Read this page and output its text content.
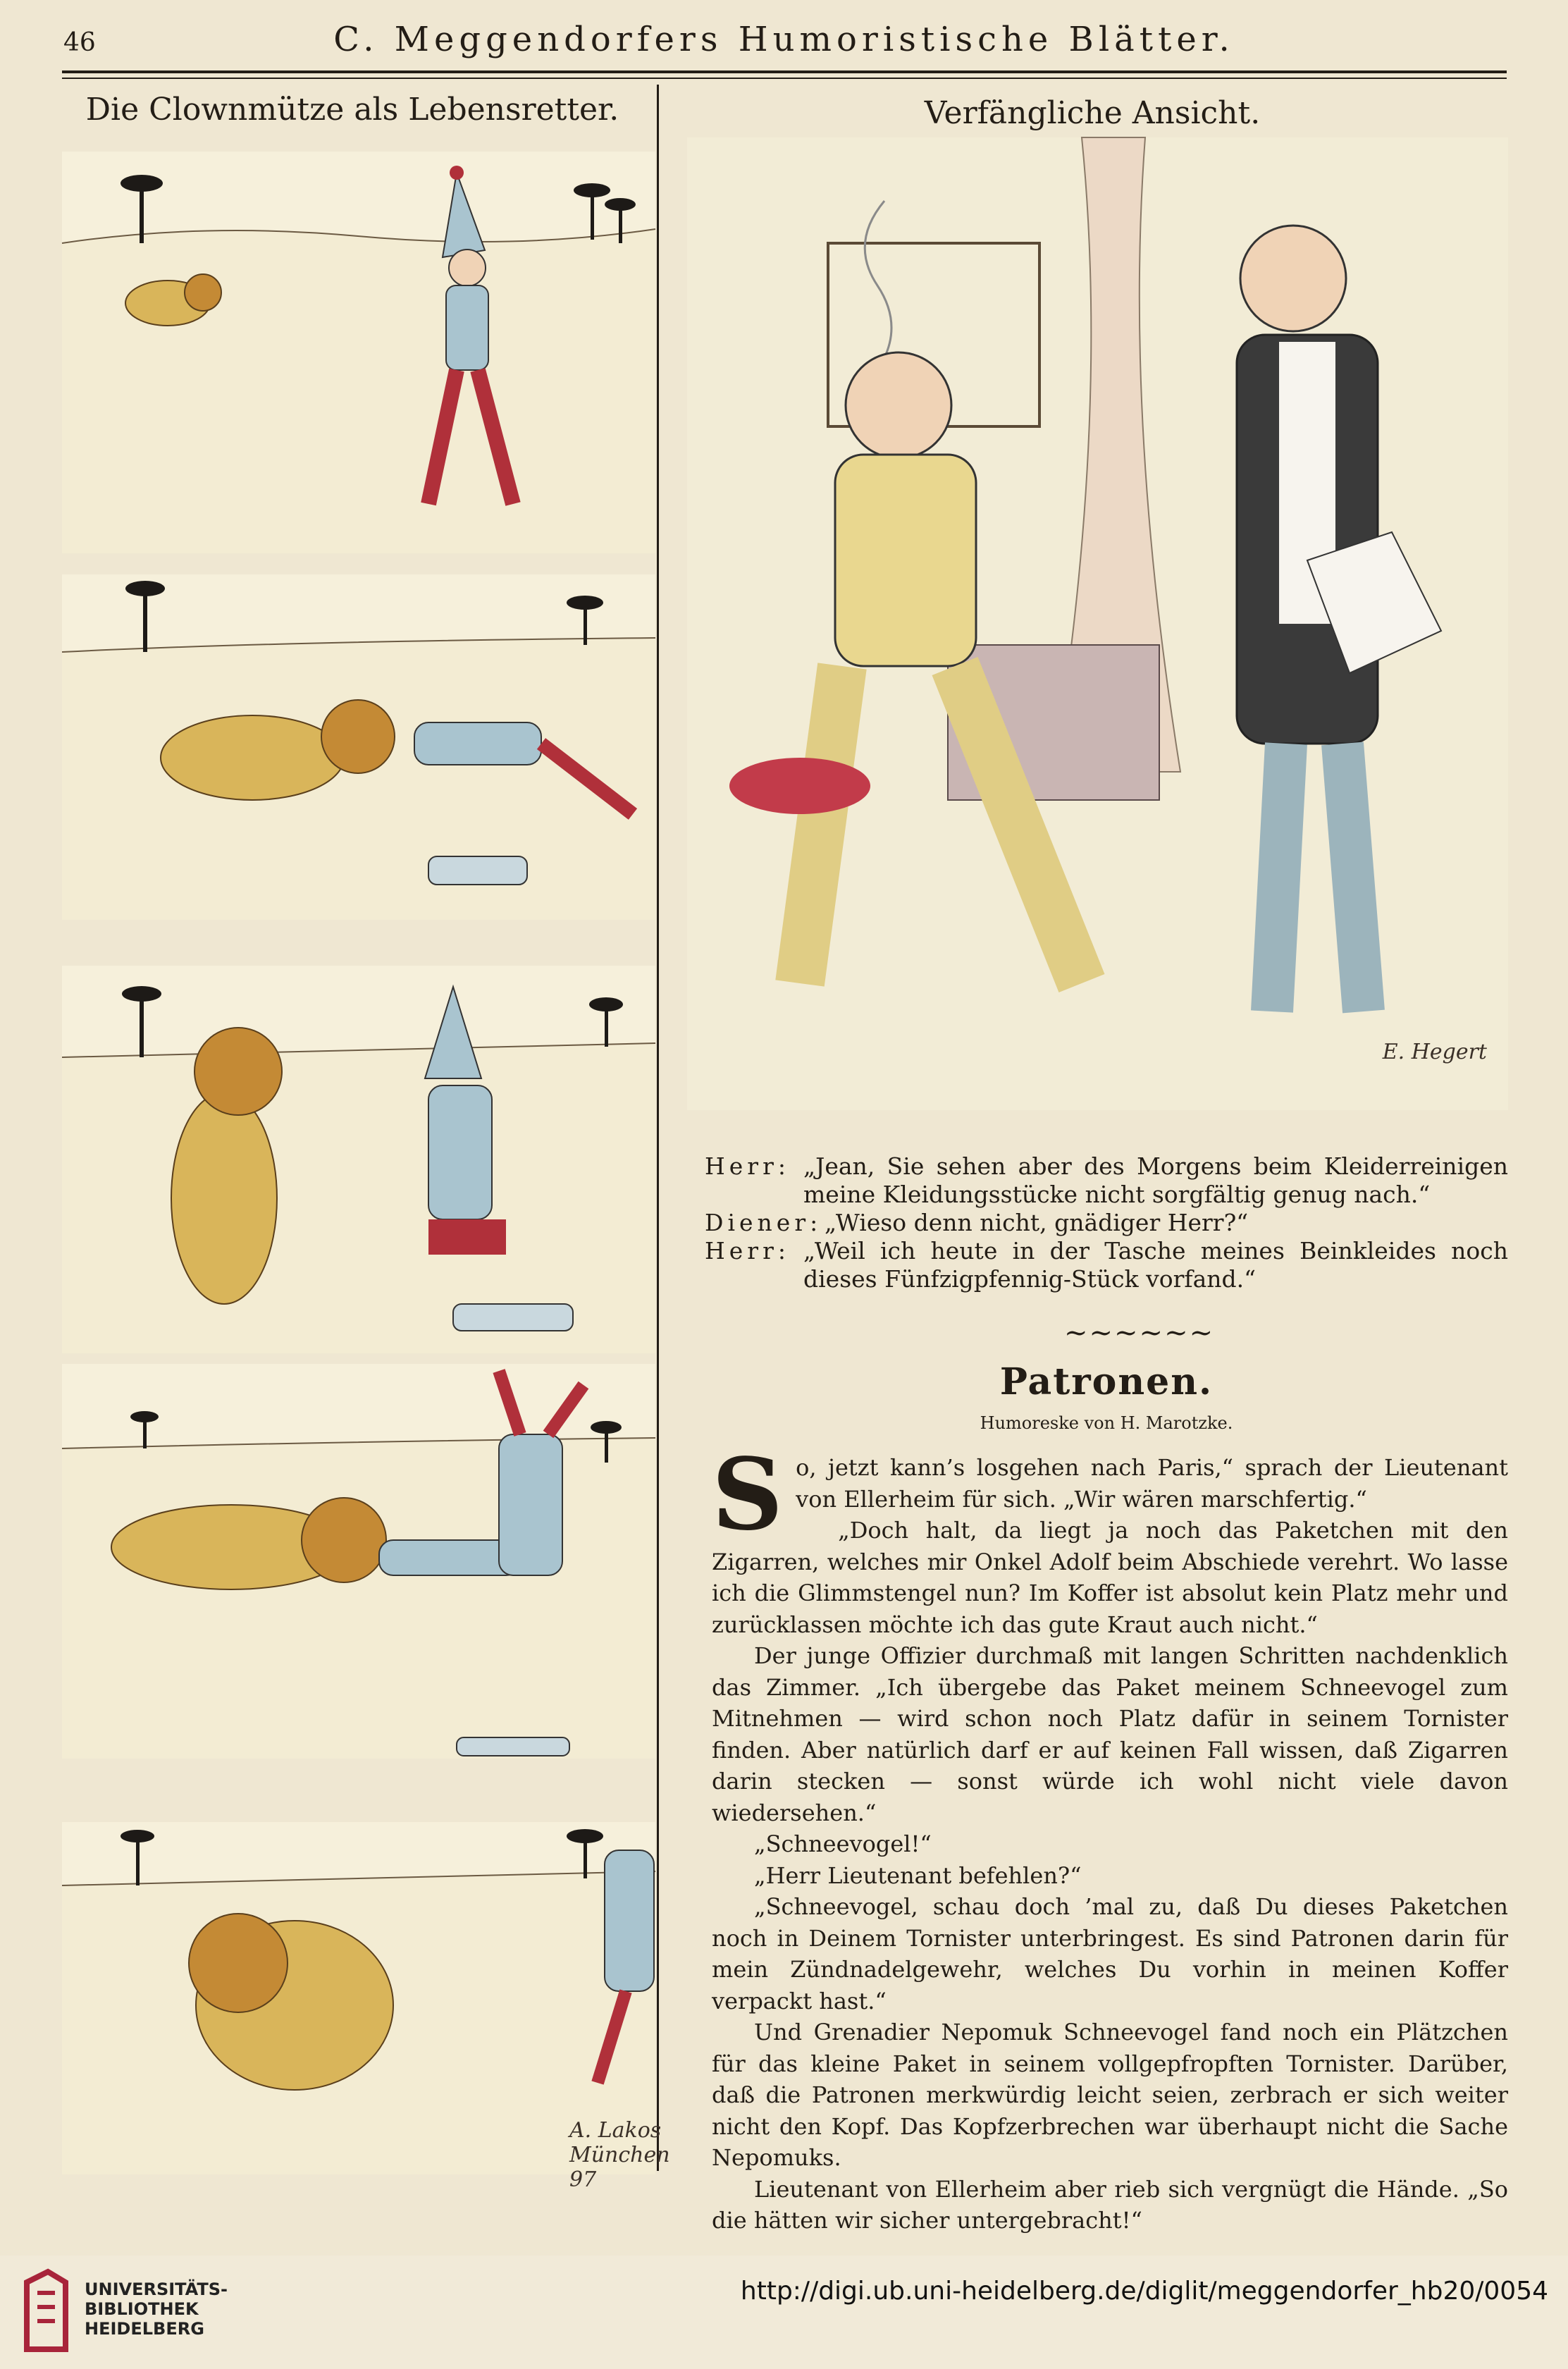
46	C. Meggendorfers Humoristische Blätter.
Die Clownmütze als Lebensretter.
A. Lakos München 97
Verfängliche Ansicht.
E. Hegert
Herr: „Jean, Sie sehen aber des Morgens beim Kleiderreinigen meine Kleidungsstücke nicht sorgfältig genug nach.“
Diener: „Wieso denn nicht, gnädiger Herr?“
Herr: „Weil ich heute in der Tasche meines Beinkleides noch dieses Fünfzigpfennig-Stück vorfand.“
~~~~~~
Patronen.
Humoreske von H. Marotzke.

So, jetzt kann’s losgehen nach Paris,“ sprach der Lieutenant von Ellerheim für sich. „Wir wären marschfertig.“

„Doch halt, da liegt ja noch das Paketchen mit den Zigarren, welches mir Onkel Adolf beim Abschiede verehrt. Wo lasse ich die Glimmstengel nun? Im Koffer ist absolut kein Platz mehr und zurücklassen möchte ich das gute Kraut auch nicht.“

Der junge Offizier durchmaß mit langen Schritten nachdenklich das Zimmer. „Ich übergebe das Paket meinem Schneevogel zum Mitnehmen — wird schon noch Platz dafür in seinem Tornister finden. Aber natürlich darf er auf keinen Fall wissen, daß Zigarren darin stecken — sonst würde ich wohl nicht viele davon wiedersehen.“

„Schneevogel!“

„Herr Lieutenant befehlen?“

„Schneevogel, schau doch ’mal zu, daß Du dieses Paketchen noch in Deinem Tornister unterbringest. Es sind Patronen darin für mein Zündnadelgewehr, welches Du vorhin in meinen Koffer verpackt hast.“

Und Grenadier Nepomuk Schneevogel fand noch ein Plätzchen für das kleine Paket in seinem vollgepfropften Tornister. Darüber, daß die Patronen merkwürdig leicht seien, zerbrach er sich weiter nicht den Kopf. Das Kopfzerbrechen war überhaupt nicht die Sache Nepomuks.

Lieutenant von Ellerheim aber rieb sich vergnügt die Hände. „So die hätten wir sicher untergebracht!“

UNIVERSITÄTS-
BIBLIOTHEK
HEIDELBERG
http://digi.ub.uni-heidelberg.de/diglit/meggendorfer_hb20/0054
